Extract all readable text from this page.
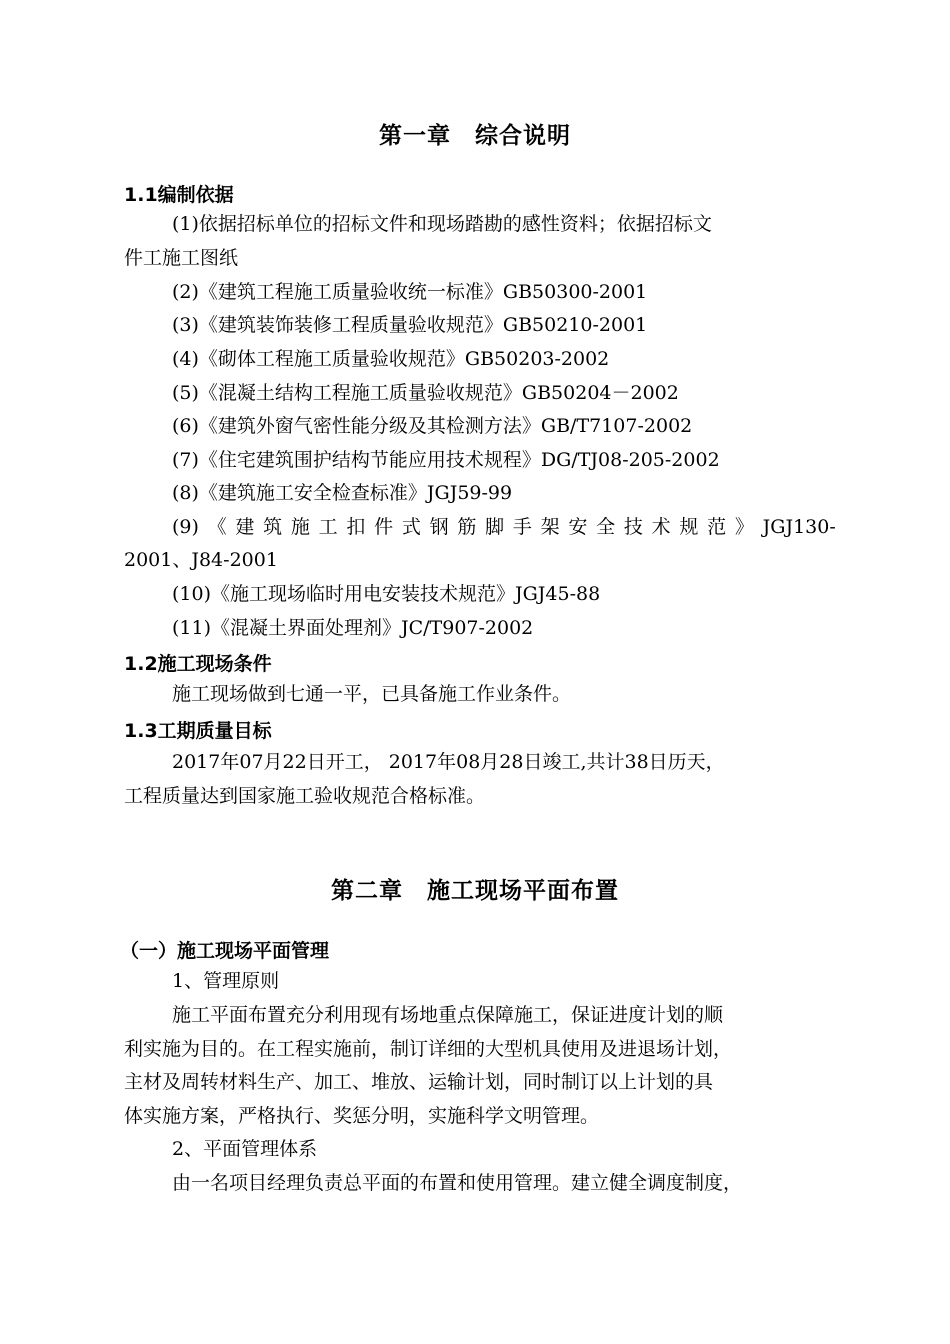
第一章　综合说明
1.1编制依据
(1)依据招标单位的招标文件和现场踏勘的感性资料；依据招标文
件工施工图纸
(2)《建筑工程施工质量验收统一标准》GB50300-2001
(3)《建筑装饰装修工程质量验收规范》GB50210-2001
(4)《砌体工程施工质量验收规范》GB50203-2002
(5)《混凝土结构工程施工质量验收规范》GB50204－2002
(6)《建筑外窗气密性能分级及其检测方法》GB/T7107-2002
(7)《住宅建筑围护结构节能应用技术规程》DG/TJ08-205-2002
(8)《建筑施工安全检查标准》JGJ59-99
(9) 《 建 筑 施 工 扣 件 式 钢 筋 脚 手 架 安 全 技 术 规 范 》 JGJ130-
2001、J84-2001
(10)《施工现场临时用电安装技术规范》JGJ45-88
(11)《混凝土界面处理剂》JC/T907-2002
1.2施工现场条件
施工现场做到七通一平，已具备施工作业条件。
1.3工期质量目标
2017年07月22日开工， 2017年08月28日竣工,共计38日历天，
工程质量达到国家施工验收规范合格标准。
第二章　施工现场平面布置
（一）施工现场平面管理
1、管理原则
施工平面布置充分利用现有场地重点保障施工，保证进度计划的顺
利实施为目的。在工程实施前，制订详细的大型机具使用及进退场计划，
主材及周转材料生产、加工、堆放、运输计划，同时制订以上计划的具
体实施方案，严格执行、奖惩分明，实施科学文明管理。
2、平面管理体系
由一名项目经理负责总平面的布置和使用管理。建立健全调度制度，
